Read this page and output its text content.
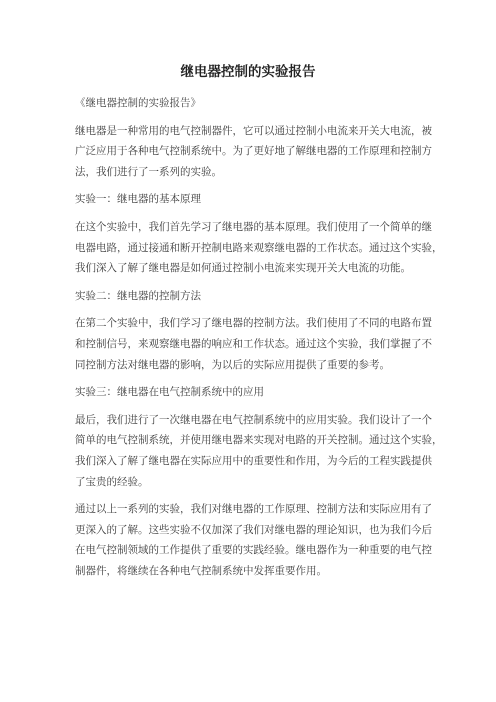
继电器控制的实验报告
《继电器控制的实验报告》
继电器是一种常用的电气控制器件，它可以通过控制小电流来开关大电流，被
广泛应用于各种电气控制系统中。为了更好地了解继电器的工作原理和控制方
法，我们进行了一系列的实验。
实验一：继电器的基本原理
在这个实验中，我们首先学习了继电器的基本原理。我们使用了一个简单的继
电器电路，通过接通和断开控制电路来观察继电器的工作状态。通过这个实验，
我们深入了解了继电器是如何通过控制小电流来实现开关大电流的功能。
实验二：继电器的控制方法
在第二个实验中，我们学习了继电器的控制方法。我们使用了不同的电路布置
和控制信号，来观察继电器的响应和工作状态。通过这个实验，我们掌握了不
同控制方法对继电器的影响，为以后的实际应用提供了重要的参考。
实验三：继电器在电气控制系统中的应用
最后，我们进行了一次继电器在电气控制系统中的应用实验。我们设计了一个
简单的电气控制系统，并使用继电器来实现对电路的开关控制。通过这个实验，
我们深入了解了继电器在实际应用中的重要性和作用，为今后的工程实践提供
了宝贵的经验。
通过以上一系列的实验，我们对继电器的工作原理、控制方法和实际应用有了
更深入的了解。这些实验不仅加深了我们对继电器的理论知识，也为我们今后
在电气控制领域的工作提供了重要的实践经验。继电器作为一种重要的电气控
制器件，将继续在各种电气控制系统中发挥重要作用。
